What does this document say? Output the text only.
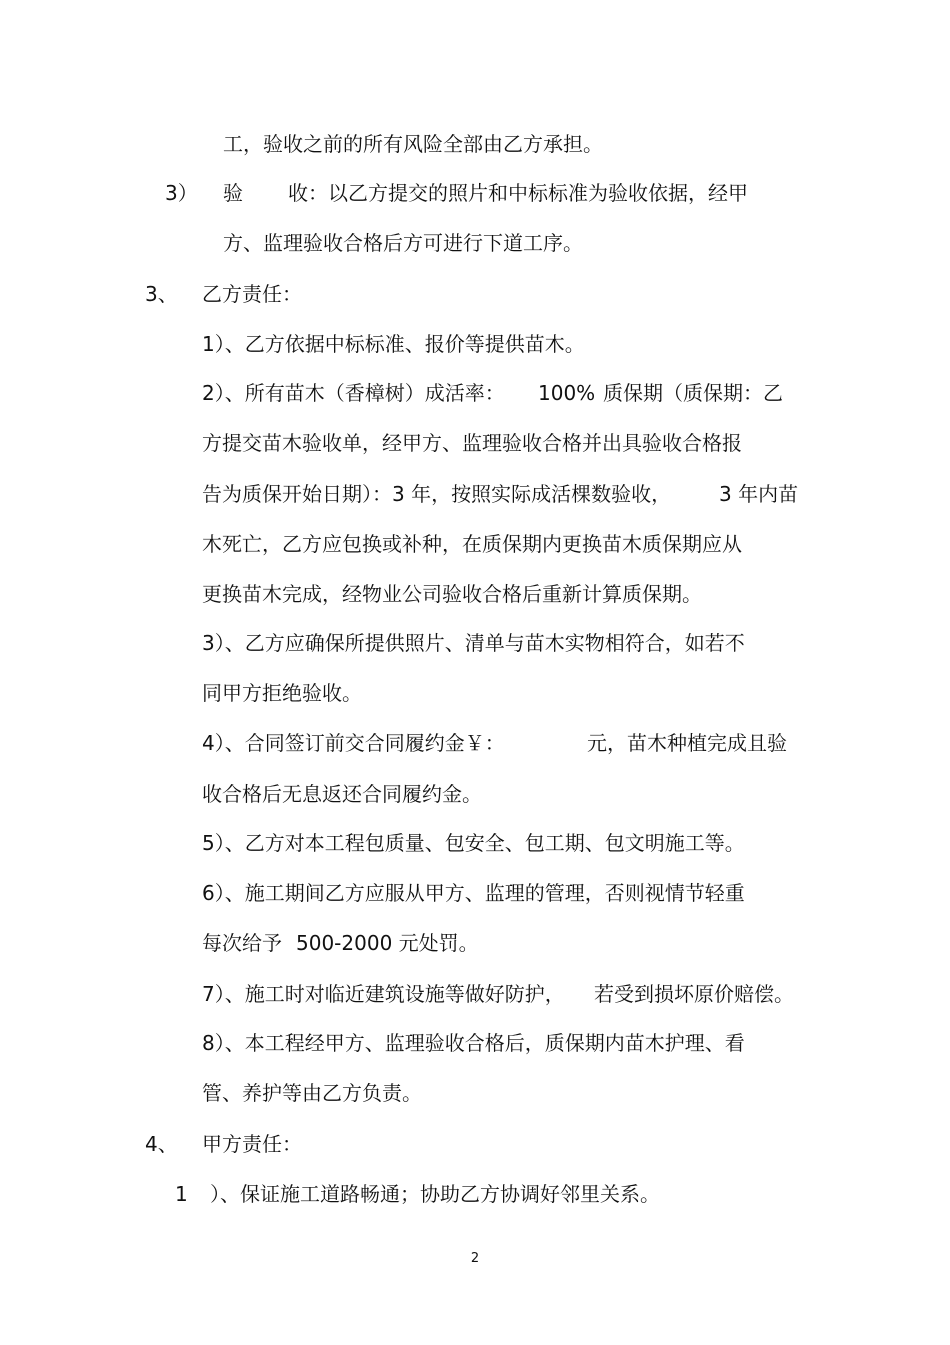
工，验收之前的所有风险全部由乙方承担。
3） 验 收：以乙方提交的照片和中标标准为验收依据，经甲
方、监理验收合格后方可进行下道工序。
3、 乙方责任：
1）、乙方依据中标标准、报价等提供苗木。
2）、所有苗木（香樟树）成活率： 100% 质保期（质保期：乙
方提交苗木验收单，经甲方、监理验收合格并出具验收合格报
告为质保开始日期）：3 年，按照实际成活棵数验收， 3 年内苗
木死亡，乙方应包换或补种，在质保期内更换苗木质保期应从
更换苗木完成，经物业公司验收合格后重新计算质保期。
3）、乙方应确保所提供照片、清单与苗木实物相符合，如若不
同甲方拒绝验收。
4）、合同签订前交合同履约金￥：	元，苗木种植完成且验
收合格后无息返还合同履约金。
5）、乙方对本工程包质量、包安全、包工期、包文明施工等。
6）、施工期间乙方应服从甲方、监理的管理，否则视情节轻重
每次给予 500-2000 元处罚。
7）、施工时对临近建筑设施等做好防护， 若受到损坏原价赔偿。
8）、本工程经甲方、监理验收合格后，质保期内苗木护理、看
管、养护等由乙方负责。
4、 甲方责任：
1 ）、保证施工道路畅通；协助乙方协调好邻里关系。
2
